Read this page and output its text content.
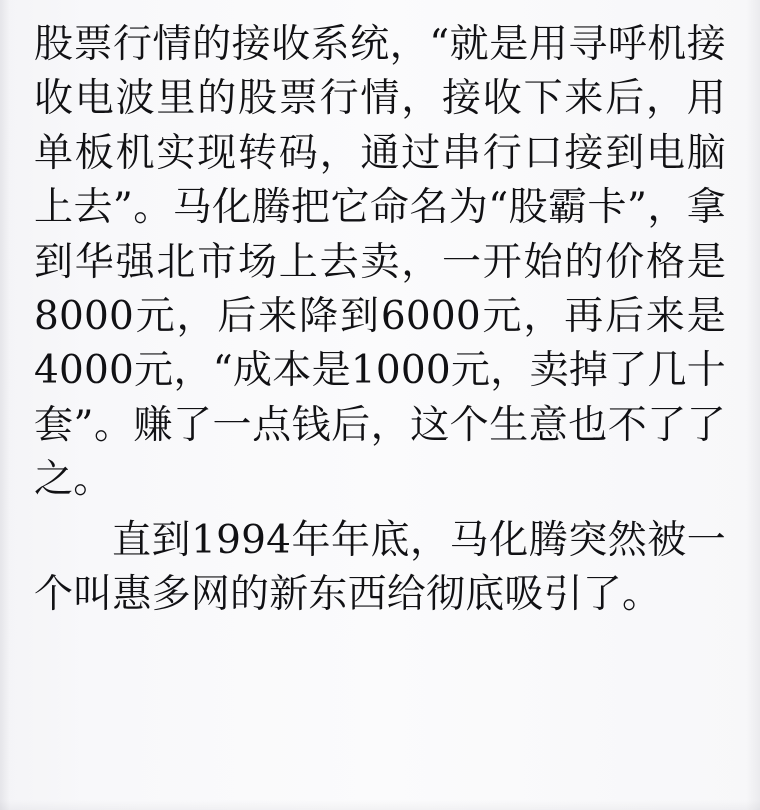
股票行情的接收系统，“就是用寻呼机接收电波里的股票行情，接收下来后，用单板机实现转码，通过串行口接到电脑上去”。马化腾把它命名为“股霸卡”，拿到华强北市场上去卖，一开始的价格是8000元，后来降到6000元，再后来是4000元，“成本是1000元，卖掉了几十套”。赚了一点钱后，这个生意也不了了之。

直到1994年年底，马化腾突然被一个叫惠多网的新东西给彻底吸引了。
